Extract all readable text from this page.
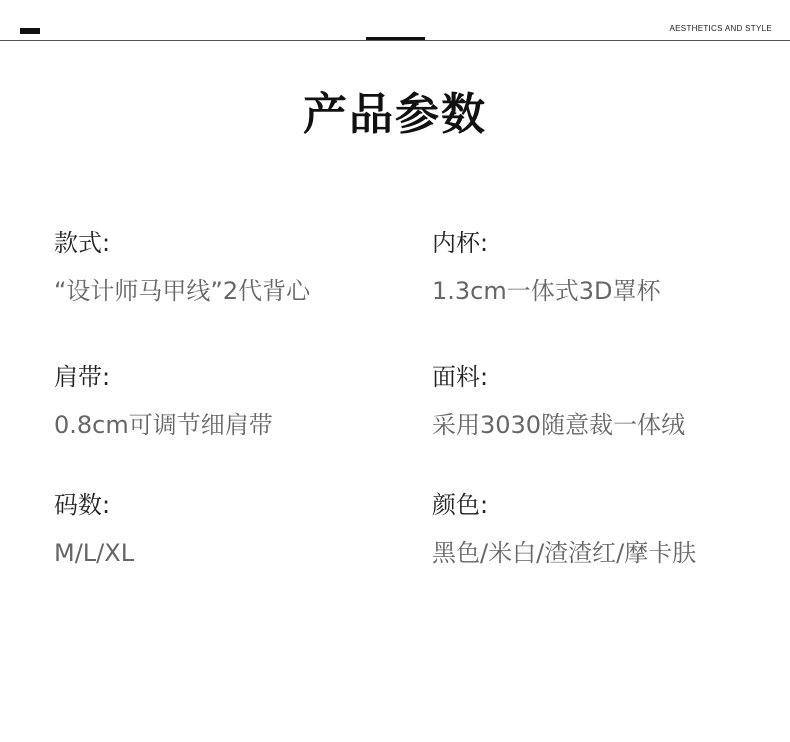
AESTHETICS AND STYLE
产品参数
款式:
“设计师马甲线”2代背心
内杯:
1.3cm一体式3D罩杯
肩带:
0.8cm可调节细肩带
面料:
采用3030随意裁一体绒
码数:
M/L/XL
颜色:
黑色/米白/渣渣红/摩卡肤
